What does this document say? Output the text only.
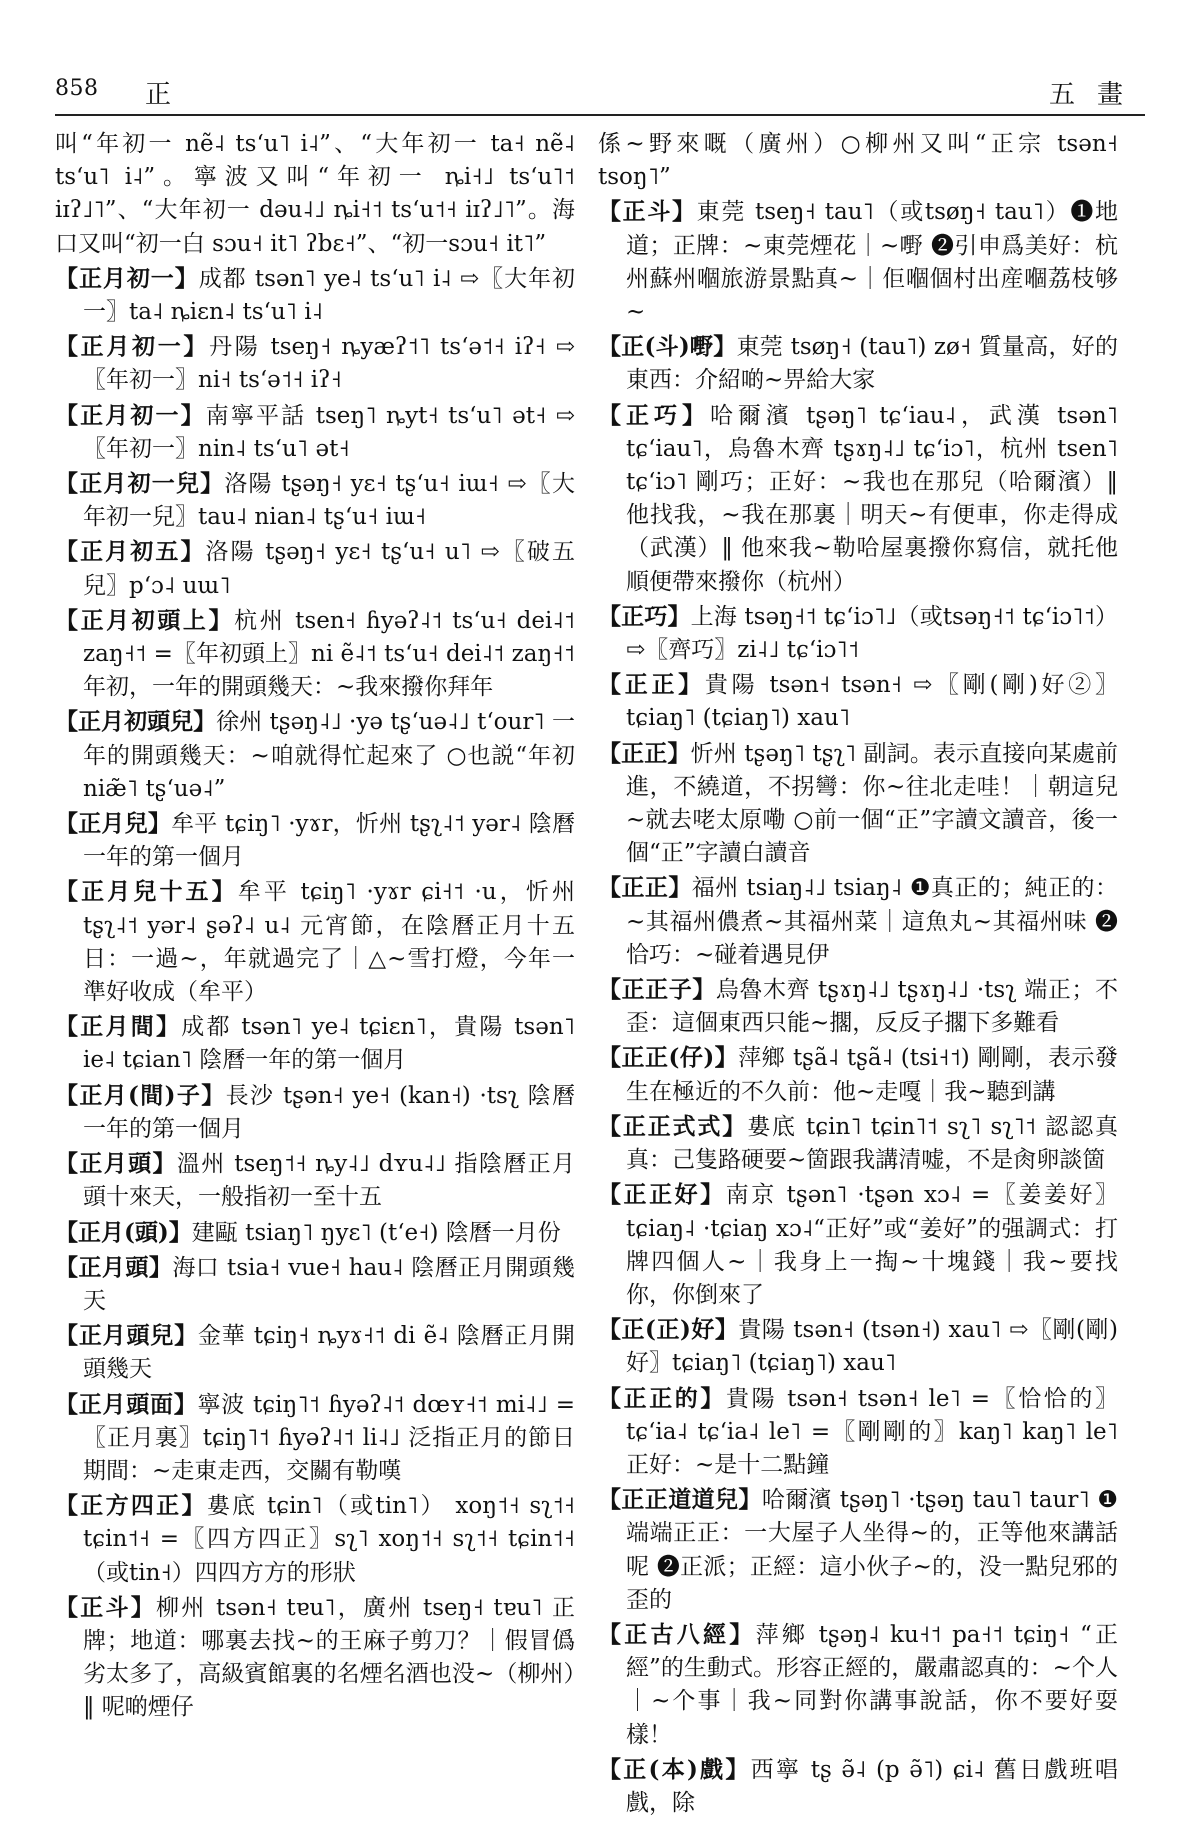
858 正	五畫

叫“年初一 nẽ˨ tsʻu˥ i˨”、“大年初一 ta˧ nẽ˨ tsʻu˥ i˨”。寧波又叫“年初一 ȵi˧˩ tsʻu˥˦ iɪʔ˩˥”、“大年初一 dəu˨˩ ȵi˧˦ tsʻu˦˧ iɪʔ˩˥”。海口又叫“初一白 sɔu˧ it˥ ʔbɛ˧”、“初一sɔu˧ it˥”

【正月初一】成都 tsən˥ ye˨ tsʻu˥ i˨ ⇨〖大年初一〗ta˨ ȵiɛn˨ tsʻu˥ i˨

【正月初一】丹陽 tseŋ˧ ȵyæʔ˦˥ tsʻə˦˧ iʔ˧ ⇨〖年初一〗ni˧ tsʻə˦˧ iʔ˧

【正月初一】南寧平話 tseŋ˥ ȵyt˧ tsʻu˥ ət˧ ⇨〖年初一〗nin˨ tsʻu˥ ət˧

【正月初一兒】洛陽 tʂəŋ˧ yɛ˧ tʂʻu˧ iɯ˧ ⇨〖大年初一兒〗tau˨ nian˨ tʂʻu˧ iɯ˧

【正月初五】洛陽 tʂəŋ˧ yɛ˧ tʂʻu˧ u˥ ⇨〖破五兒〗pʻɔ˨ uɯ˥

【正月初頭上】杭州 tsen˧ ɦyəʔ˨˦ tsʻu˧ dei˨˦ zaŋ˧˦ =〖年初頭上〗ni ẽ˨˦ tsʻu˧ dei˨˦ zaŋ˧˦ 年初，一年的開頭幾天：~我來撥你拜年

【正月初頭兒】徐州 tʂəŋ˨˩ ·yə tʂʻuə˨˩ tʻour˥ 一年的開頭幾天：~咱就得忙起來了 ○也説“年初niæ̃˥ tʂʻuə˨”

【正月兒】牟平 tɕiŋ˥ ·yɤr，忻州 tʂʅ˨˦ yər˨ 陰曆一年的第一個月

【正月兒十五】牟平 tɕiŋ˥ ·yɤr ɕi˧˦ ·u，忻州 tʂʅ˨˦ yər˨ ʂəʔ˨ u˨ 元宵節，在陰曆正月十五日：一過~，年就過完了｜△~雪打燈，今年一準好收成（牟平）

【正月間】成都 tsən˥ ye˨ tɕiɛn˥，貴陽 tsən˥ ie˨ tɕian˥ 陰曆一年的第一個月

【正月(間)子】長沙 tʂən˧ ye˧ (kan˧) ·tsʅ 陰曆一年的第一個月

【正月頭】溫州 tseŋ˦˧ ȵy˨˩ dʏu˨˩ 指陰曆正月頭十來天，一般指初一至十五

【正月(頭)】建甌 tsiaŋ˥ ŋyɛ˥ (tʻe˧) 陰曆一月份

【正月頭】海口 tsia˧ vue˧ hau˨ 陰曆正月開頭幾天

【正月頭兒】金華 tɕiŋ˧ ȵyɤ˧˦ di ẽ˨ 陰曆正月開頭幾天

【正月頭面】寧波 tɕiŋ˥˦ ɦyəʔ˨˦ dœʏ˧˦ mi˨˩ =〖正月裏〗tɕiŋ˥˦ ɦyəʔ˨˦ li˨˩ 泛指正月的節日期間：~走東走西，交關有勒嘆

【正方四正】婁底 tɕin˥（或tin˥） xoŋ˦˧ sʅ˦˧ tɕin˦˧ =〖四方四正〗sʅ˥ xoŋ˦˧ sʅ˦˧ tɕin˦˧（或tin˧）四四方方的形狀

【正斗】柳州 tsən˧ tɐu˥，廣州 tseŋ˧ tɐu˥ 正牌；地道：哪裏去找~的王麻子剪刀？｜假冒僞劣太多了，高級賓館裏的名煙名酒也没~（柳州）‖ 呢啲煙仔

係~野來嘅（廣州）○柳州又叫“正宗 tsən˧ tsoŋ˥”

【正斗】東莞 tseŋ˧ tau˥（或tsøŋ˧ tau˥）❶地道；正牌：~東莞煙花｜~嘢 ❷引申爲美好：杭州蘇州嗰旅游景點真~｜佢嗰個村出産嗰荔枝够~

【正(斗)嘢】東莞 tsøŋ˧ (tau˥) zø˧ 質量高，好的東西：介紹啲~畀給大家

【正巧】哈爾濱 tʂəŋ˥ tɕʻiau˨，武漢 tsən˥ tɕʻiau˥，烏魯木齊 tʂɤŋ˨˩ tɕʻiɔ˥，杭州 tsen˥ tɕʻiɔ˥ 剛巧；正好：~我也在那兒（哈爾濱）‖ 他找我，~我在那裏｜明天~有便車，你走得成（武漢）‖ 他來我~勒哈屋裏撥你寫信，就托他順便帶來撥你（杭州）

【正巧】上海 tsəŋ˧˦ tɕʻiɔ˥˩（或tsəŋ˧˦ tɕʻiɔ˥˦）⇨〖齊巧〗zi˨˩ tɕʻiɔ˥˦

【正正】貴陽 tsən˧ tsən˧ ⇨〖剛(剛)好②〗tɕiaŋ˥ (tɕiaŋ˥) xau˥

【正正】忻州 tʂəŋ˥ tʂʅ˥ 副詞。表示直接向某處前進，不繞道，不拐彎：你~往北走哇！｜朝這兒~就去咾太原嘞 ○前一個“正”字讀文讀音，後一個“正”字讀白讀音

【正正】福州 tsiaŋ˨˩ tsiaŋ˨ ❶真正的；純正的：~其福州儂煮~其福州菜｜這魚丸~其福州味 ❷恰巧：~碰着遇見伊

【正正子】烏魯木齊 tʂɤŋ˨˩ tʂɤŋ˨˩ ·tsʅ 端正；不歪：這個東西只能~擱，反反子擱下多難看

【正正(仔)】萍鄉 tʂã˨ tʂã˨ (tsi˧˦) 剛剛，表示發生在極近的不久前：他~走嘎｜我~聽到講

【正正式式】婁底 tɕin˥ tɕin˥˦ sʅ˥ sʅ˥˦ 認認真真：己隻路硬要~箇跟我講清嘘，不是肏卵談箇

【正正好】南京 tʂən˥ ·tʂən xɔ˨ =〖姜姜好〗tɕiaŋ˨ ·tɕiaŋ xɔ˨“正好”或“姜好”的强調式：打牌四個人~｜我身上一掏~十塊錢｜我~要找你，你倒來了

【正(正)好】貴陽 tsən˧ (tsən˧) xau˥ ⇨〖剛(剛)好〗tɕiaŋ˥ (tɕiaŋ˥) xau˥

【正正的】貴陽 tsən˧ tsən˧ le˥ =〖恰恰的〗tɕʻia˨ tɕʻia˨ le˥ =〖剛剛的〗kaŋ˥ kaŋ˥ le˥ 正好：~是十二點鐘

【正正道道兒】哈爾濱 tʂəŋ˥ ·tʂəŋ tau˥ taur˥ ❶端端正正：一大屋子人坐得~的，正等他來講話呢 ❷正派；正經：這小伙子~的，没一點兒邪的歪的

【正古八經】萍鄉 tʂəŋ˨ ku˧˦ pa˧˦ tɕiŋ˧ “正經”的生動式。形容正經的，嚴肅認真的：~个人｜~个事｜我~同對你講事說話，你不要好耍樣！

【正(本)戲】西寧 tʂ ə̃˨ (p ə̃˥) ɕi˨ 舊日戲班唱戲，除
